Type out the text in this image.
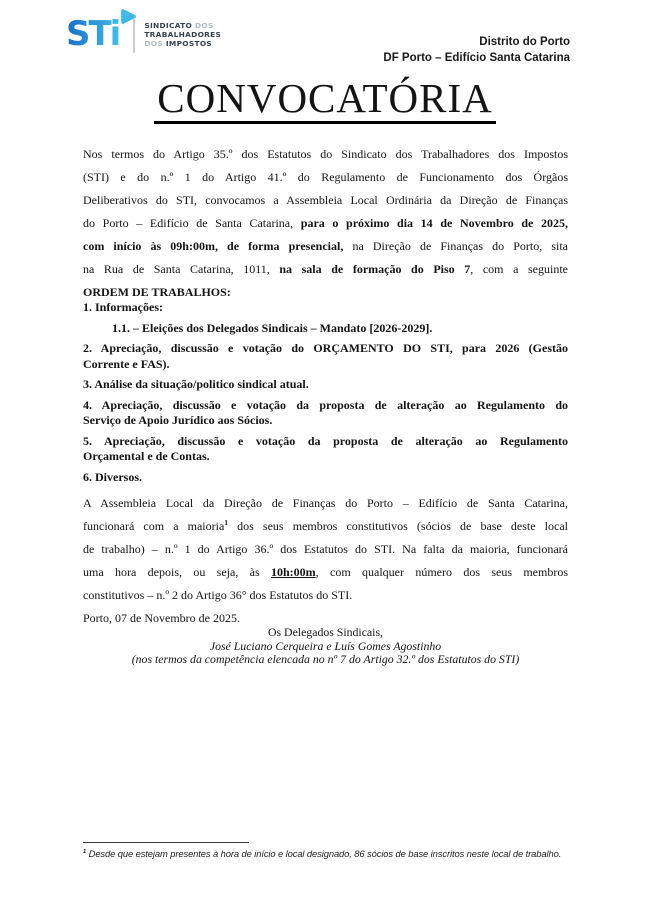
STi	SINDICATO DOS
TRABALHADORES
DOS IMPOSTOS	Distrito do Porto
DF Porto – Edifício Santa Catarina
CONVOCATÓRIA
Nos termos do Artigo 35.º dos Estatutos do Sindicato dos Trabalhadores dos Impostos
(STI) e do n.º 1 do Artigo 41.º do Regulamento de Funcionamento dos Órgãos
Deliberativos do STI, convocamos a Assembleia Local Ordinária da Direção de Finanças
do Porto – Edifício de Santa Catarina, para o próximo dia 14 de Novembro de 2025,
com início às 09h:00m, de forma presencial, na Direção de Finanças do Porto, sita
na Rua de Santa Catarina, 1011, na sala de formação do Piso 7, com a seguinte
ORDEM DE TRABALHOS:
1. Informações:
1.1. – Eleições dos Delegados Sindicais – Mandato [2026-2029].
2. Apreciação, discussão e votação do ORÇAMENTO DO STI, para 2026 (Gestão
Corrente e FAS).
3. Análise da situação/politico sindical atual.
4. Apreciação, discussão e votação da proposta de alteração ao Regulamento do
Serviço de Apoio Jurídico aos Sócios.
5. Apreciação, discussão e votação da proposta de alteração ao Regulamento
Orçamental e de Contas.
6. Diversos.
A Assembleia Local da Direção de Finanças do Porto – Edifício de Santa Catarina,
funcionará com a maioria$^1$ dos seus membros constitutivos (sócios de base deste local
de trabalho) – n.º 1 do Artigo 36.º dos Estatutos do STI. Na falta da maioria, funcionará
uma hora depois, ou seja, às 10h:00m, com qualquer número dos seus membros
constitutivos – n.º 2 do Artigo 36° dos Estatutos do STI.
Porto, 07 de Novembro de 2025.
Os Delegados Sindicais,
José Luciano Cerqueira e Luís Gomes Agostinho
(nos termos da competência elencada no nº 7 do Artigo 32.º dos Estatutos do STI)
$^1$ Desde que estejam presentes à hora de início e local designado, 86 sócios de base inscritos neste local de trabalho.
